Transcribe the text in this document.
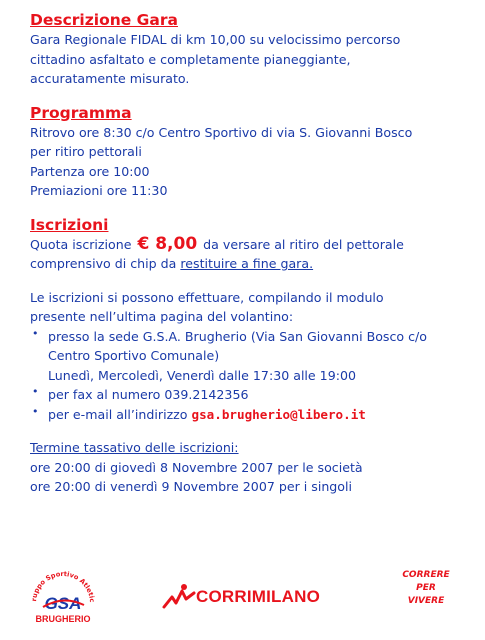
Descrizione Gara

Gara Regionale FIDAL di km 10,00 su velocissimo percorso

cittadino asfaltato e completamente pianeggiante,

accuratamente misurato.

Programma

Ritrovo ore 8:30 c/o Centro Sportivo di via S. Giovanni Bosco

per ritiro pettorali

Partenza ore 10:00

Premiazioni ore 11:30

Iscrizioni

Quota iscrizione € 8,00 da versare al ritiro del pettorale

comprensivo di chip da restituire a fine gara.

Le iscrizioni si possono effettuare, compilando il modulo

presente nell’ultima pagina del volantino:

• presso la sede G.S.A. Brugherio (Via San Giovanni Bosco c/o

Centro Sportivo Comunale)

Lunedì, Mercoledì, Venerdì dalle 17:30 alle 19:00

• per fax al numero 039.2142356

• per e-mail all’indirizzo gsa.brugherio@libero.it

Termine tassativo delle iscrizioni:

ore 20:00 di giovedì 8 Novembre 2007 per le società

ore 20:00 di venerdì 9 Novembre 2007 per i singoli

ruppo Sportivo Atletic
GSA
BRUGHERIO
CORRIMILANO
CORRERE
PER
VIVERE
